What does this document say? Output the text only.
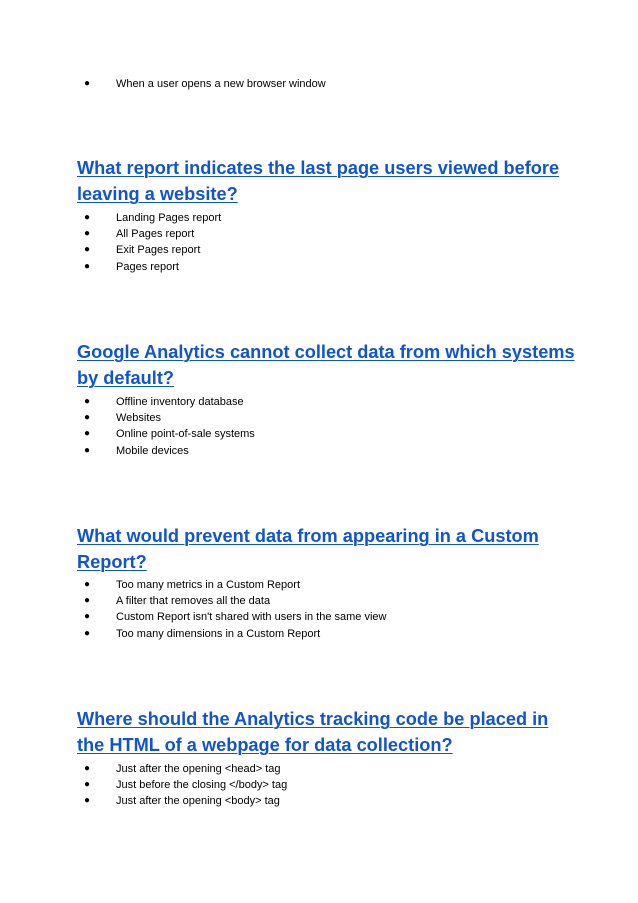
● When a user opens a new browser window
What report indicates the last page users viewed before leaving a website?
● Landing Pages report
● All Pages report
● Exit Pages report
● Pages report
Google Analytics cannot collect data from which systems by default?
● Offline inventory database
● Websites
● Online point-of-sale systems
● Mobile devices
What would prevent data from appearing in a Custom Report?
● Too many metrics in a Custom Report
● A filter that removes all the data
● Custom Report isn't shared with users in the same view
● Too many dimensions in a Custom Report
Where should the Analytics tracking code be placed in the HTML of a webpage for data collection?
● Just after the opening <head> tag
● Just before the closing </body> tag
● Just after the opening <body> tag
